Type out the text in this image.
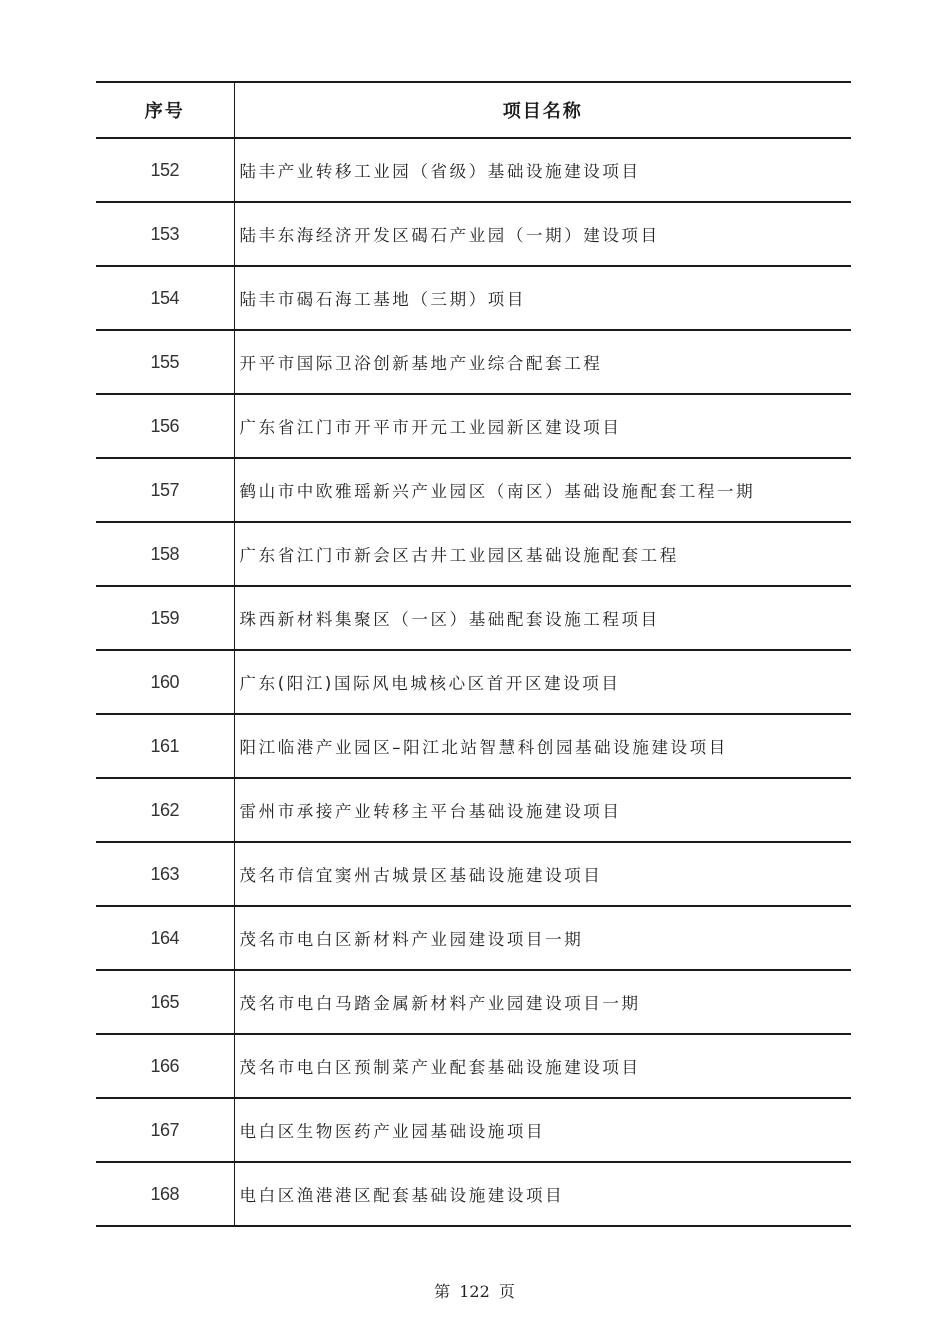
序号	项目名称
152	陆丰产业转移工业园（省级）基础设施建设项目
153	陆丰东海经济开发区碣石产业园（一期）建设项目
154	陆丰市碣石海工基地（三期）项目
155	开平市国际卫浴创新基地产业综合配套工程
156	广东省江门市开平市开元工业园新区建设项目
157	鹤山市中欧雅瑶新兴产业园区（南区）基础设施配套工程一期
158	广东省江门市新会区古井工业园区基础设施配套工程
159	珠西新材料集聚区（一区）基础配套设施工程项目
160	广东(阳江)国际风电城核心区首开区建设项目
161	阳江临港产业园区–阳江北站智慧科创园基础设施建设项目
162	雷州市承接产业转移主平台基础设施建设项目
163	茂名市信宜窦州古城景区基础设施建设项目
164	茂名市电白区新材料产业园建设项目一期
165	茂名市电白马踏金属新材料产业园建设项目一期
166	茂名市电白区预制菜产业配套基础设施建设项目
167	电白区生物医药产业园基础设施项目
168	电白区渔港港区配套基础设施建设项目
第 122 页
